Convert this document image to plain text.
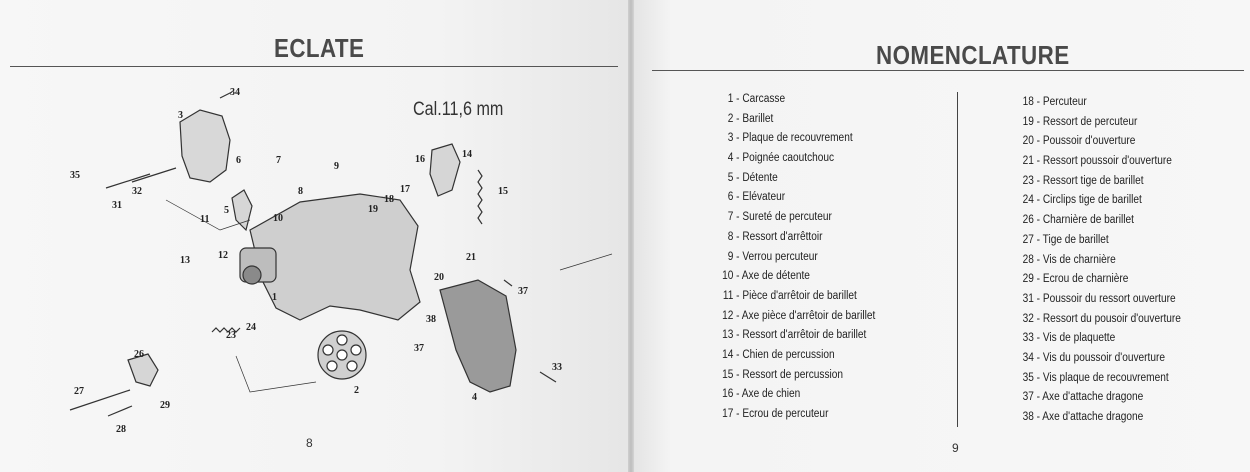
ECLATE
Cal.11,6 mm
34
3
6	7
9
16	14
15
35
32
31
8	17
18
19
5
10
11
12
13	21
20
37
1
24
23
38
37
26
2
33
4
27
29
28
8
NOMENCLATURE
1 - Carcasse
2 - Barillet
3 - Plaque de recouvrement
4 - Poignée caoutchouc
5 - Détente
6 - Elévateur
7 - Sureté de percuteur
8 - Ressort d'arrêttoir
9 - Verrou percuteur
10 - Axe de détente
11 - Pièce d'arrêtoir de barillet
12 - Axe pièce d'arrêtoir de barillet
13 - Ressort d'arrêtoir de barillet
14 - Chien de percussion
15 - Ressort de percussion
16 - Axe de chien
17 - Ecrou de percuteur
18 - Percuteur
19 - Ressort de percuteur
20 - Poussoir d'ouverture
21 - Ressort poussoir d'ouverture
23 - Ressort tige de barillet
24 - Circlips tige de barillet
26 - Charnière de barillet
27 - Tige de barillet
28 - Vis de charnière
29 - Ecrou de charnière
31 - Poussoir du ressort ouverture
32 - Ressort du pousoir d'ouverture
33 - Vis de plaquette
34 - Vis du poussoir d'ouverture
35 - Vis plaque de recouvrement
37 - Axe d'attache dragone
38 - Axe d'attache dragone
9
